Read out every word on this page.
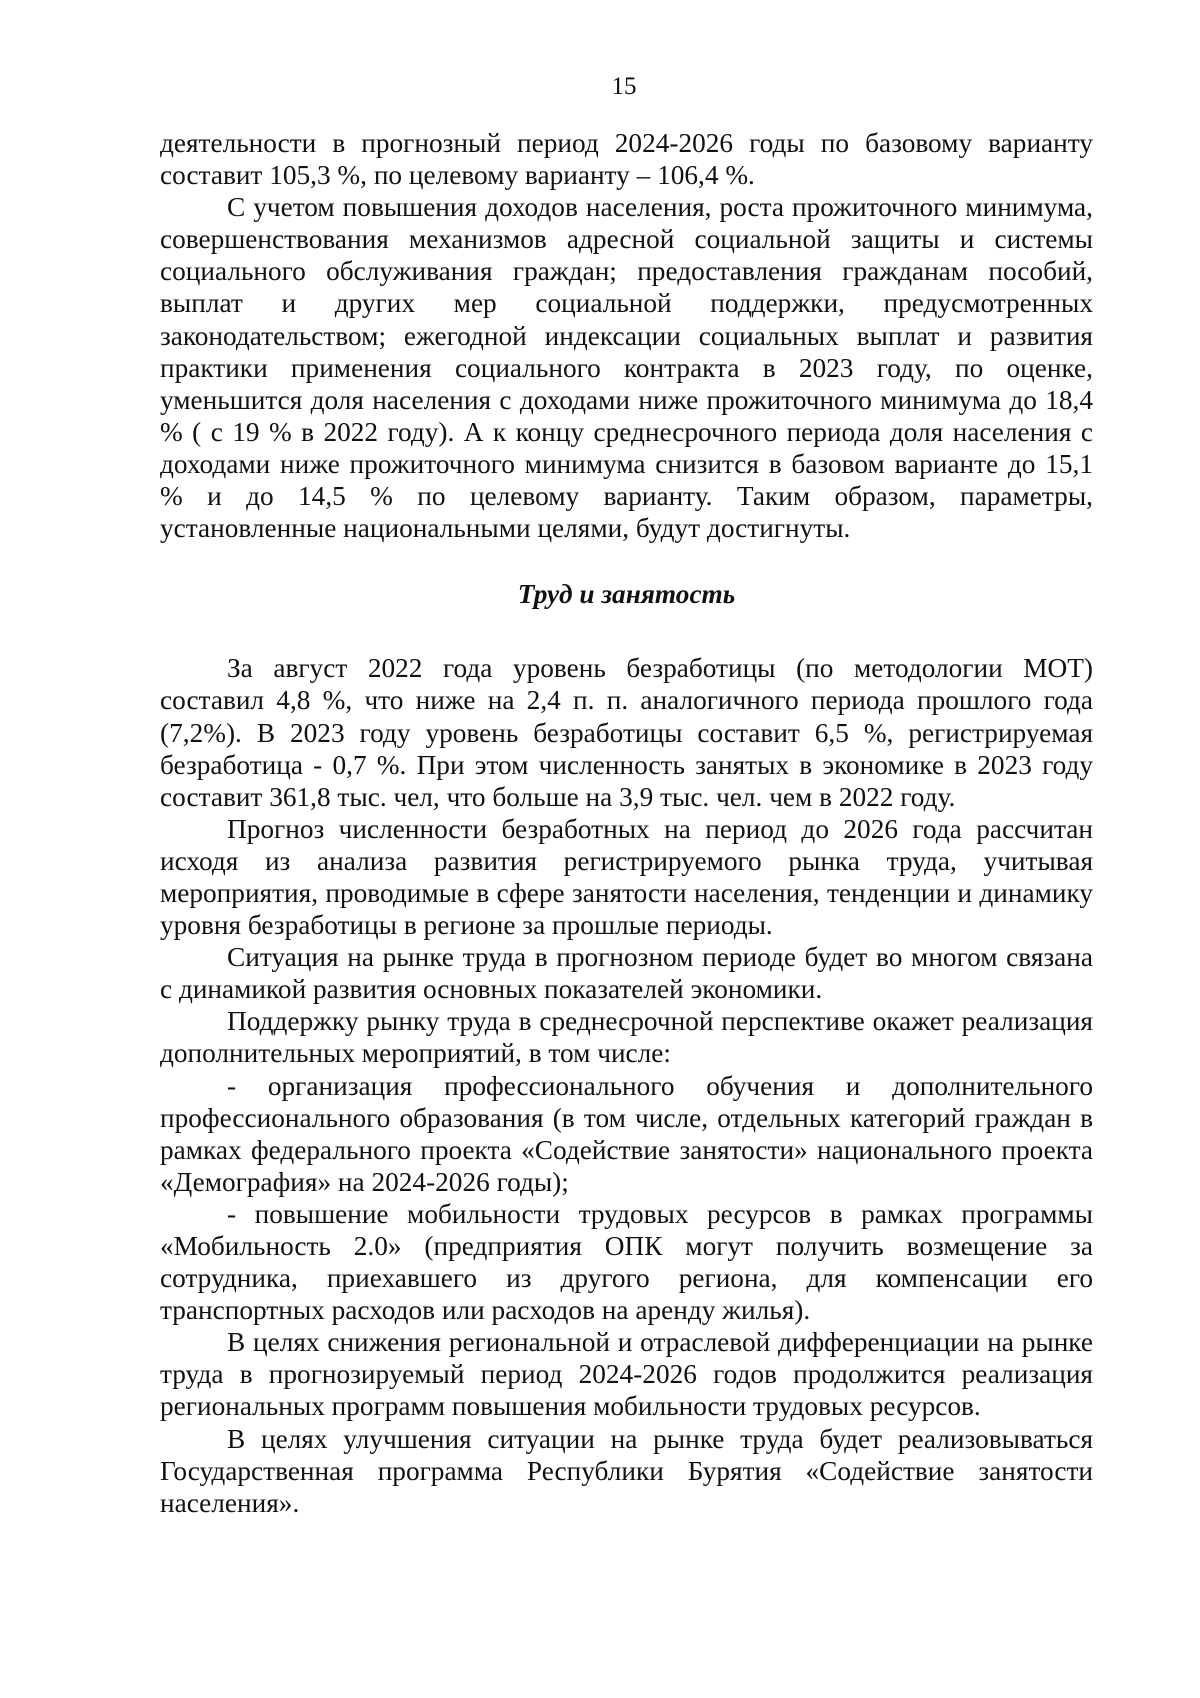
15

деятельности в прогнозный период 2024-2026 годы по базовому варианту составит 105,3 %, по целевому варианту – 106,4 %.

С учетом повышения доходов населения, роста прожиточного минимума, совершенствования механизмов адресной социальной защиты и системы социального обслуживания граждан; предоставления гражданам пособий, выплат и других мер социальной поддержки, предусмотренных законодательством; ежегодной индексации социальных выплат и развития практики применения социального контракта в 2023 году, по оценке, уменьшится доля населения с доходами ниже прожиточного минимума до 18,4 % ( с 19 % в 2022 году). А к концу среднесрочного периода доля населения с доходами ниже прожиточного минимума снизится в базовом варианте до 15,1 % и до 14,5 % по целевому варианту. Таким образом, параметры, установленные национальными целями, будут достигнуты.

Труд и занятость

За август 2022 года уровень безработицы (по методологии МОТ) составил 4,8 %, что ниже на 2,4 п. п. аналогичного периода прошлого года (7,2%). В 2023 году уровень безработицы составит 6,5 %, регистрируемая безработица - 0,7 %. При этом численность занятых в экономике в 2023 году составит 361,8 тыс. чел, что больше на 3,9 тыс. чел. чем в 2022 году.

Прогноз численности безработных на период до 2026 года рассчитан исходя из анализа развития регистрируемого рынка труда, учитывая мероприятия, проводимые в сфере занятости населения, тенденции и динамику уровня безработицы в регионе за прошлые периоды.

Ситуация на рынке труда в прогнозном периоде будет во многом связана с динамикой развития основных показателей экономики.

Поддержку рынку труда в среднесрочной перспективе окажет реализация дополнительных мероприятий, в том числе:

- организация профессионального обучения и дополнительного профессионального образования (в том числе, отдельных категорий граждан в рамках федерального проекта «Содействие занятости» национального проекта «Демография» на 2024-2026 годы);

- повышение мобильности трудовых ресурсов в рамках программы «Мобильность 2.0» (предприятия ОПК могут получить возмещение за сотрудника, приехавшего из другого региона, для компенсации его транспортных расходов или расходов на аренду жилья).

В целях снижения региональной и отраслевой дифференциации на рынке труда в прогнозируемый период 2024-2026 годов продолжится реализация региональных программ повышения мобильности трудовых ресурсов.

В целях улучшения ситуации на рынке труда будет реализовываться Государственная программа Республики Бурятия «Содействие занятости населения».
